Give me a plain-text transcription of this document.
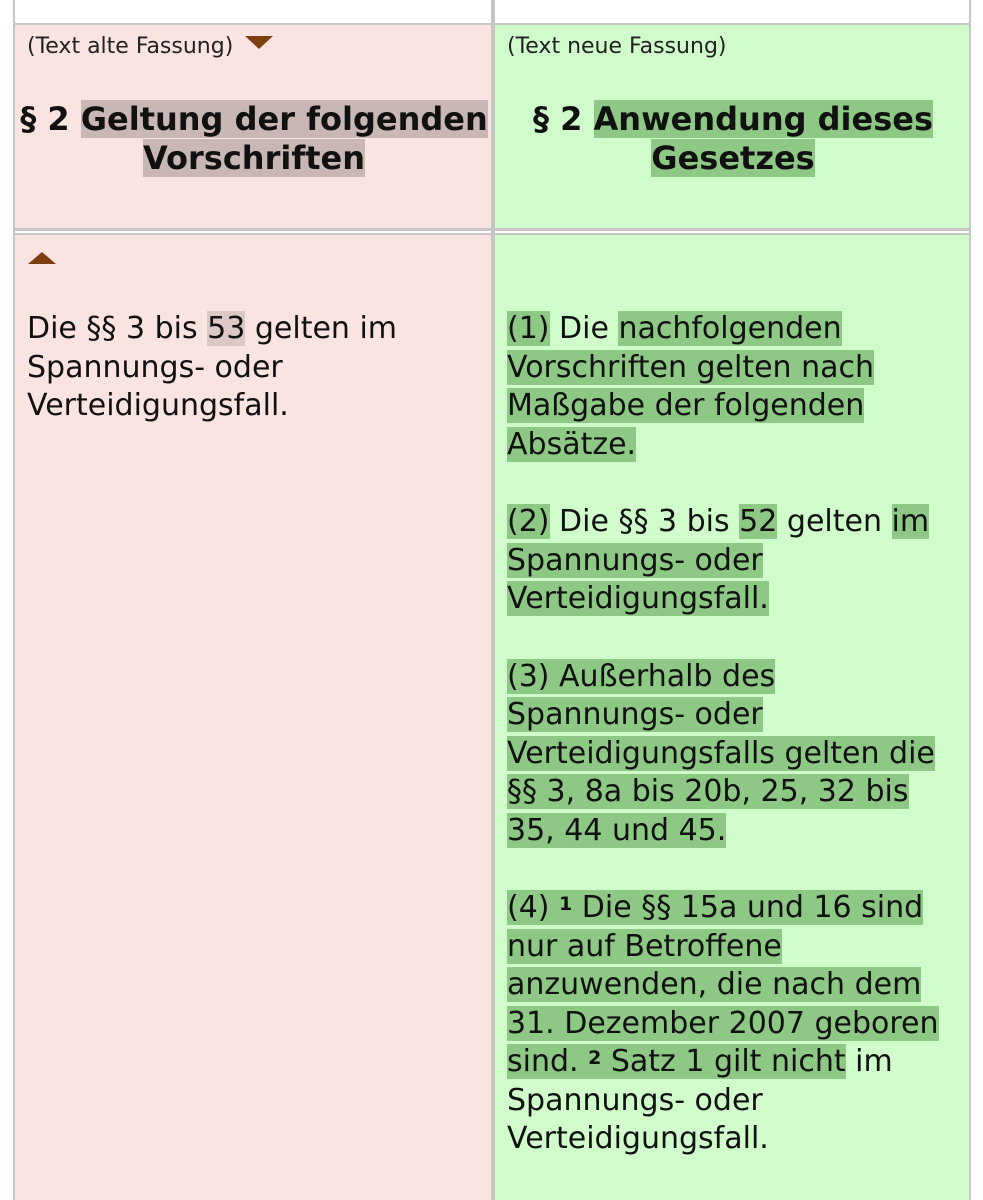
(Text alte Fassung)
§ 2 Geltung der folgenden
Vorschriften
(Text neue Fassung)
§ 2 Anwendung dieses
Gesetzes
Die §§ 3 bis 53 gelten im
Spannungs- oder
Verteidigungsfall.

(1) Die nachfolgenden
Vorschriften gelten nach
Maßgabe der folgenden
Absätze.

(2) Die §§ 3 bis 52 gelten im
Spannungs- oder
Verteidigungsfall.

(3) Außerhalb des
Spannungs- oder
Verteidigungsfalls gelten die
§§ 3, 8a bis 20b, 25, 32 bis
35, 44 und 45.

(4) $^1$ Die §§ 15a und 16 sind
nur auf Betroffene
anzuwenden, die nach dem
31. Dezember 2007 geboren
sind. $^2$ Satz 1 gilt nicht im
Spannungs- oder
Verteidigungsfall.
